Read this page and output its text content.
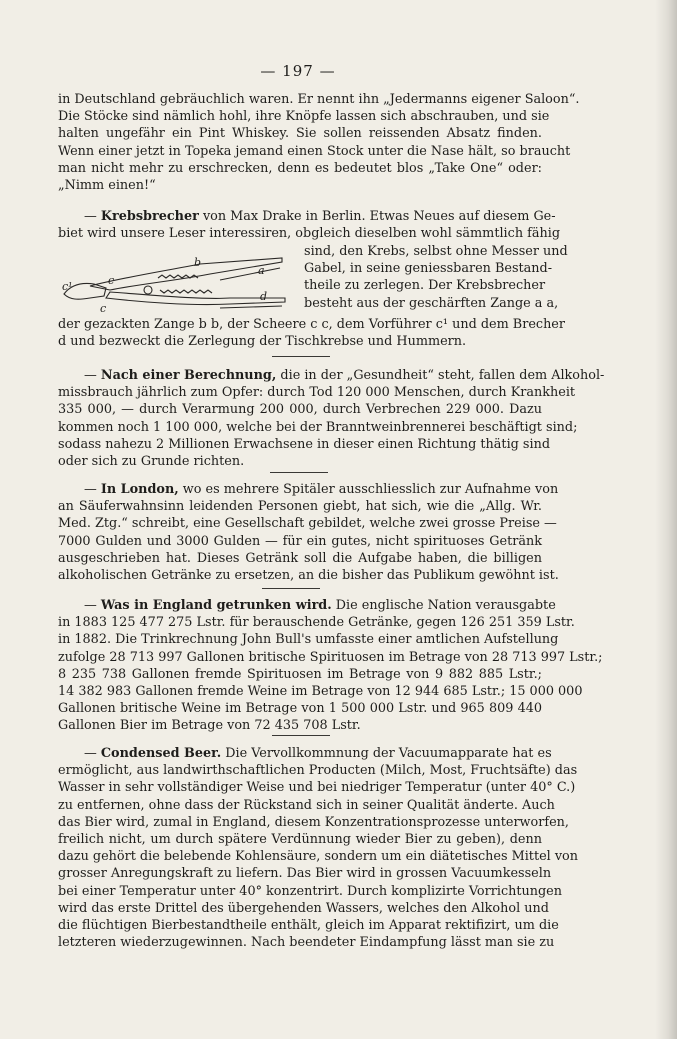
— 197 —
in Deutschland gebräuchlich waren. Er nennt ihn „Jedermanns eigener Saloon“.
Die Stöcke sind nämlich hohl, ihre Knöpfe lassen sich abschrauben, und sie
halten ungefähr ein Pint Whiskey. Sie sollen reissenden Absatz finden.
Wenn einer jetzt in Topeka jemand einen Stock unter die Nase hält, so braucht
man nicht mehr zu erschrecken, denn es bedeutet blos „Take One“ oder:
„Nimm einen!“
— Krebsbrecher von Max Drake in Berlin. Etwas Neues auf diesem Ge-
biet wird unsere Leser interessiren, obgleich dieselben wohl sämmtlich fähig
sind, den Krebs, selbst ohne Messer und
Gabel, in seine geniessbaren Bestand-
theile zu zerlegen. Der Krebsbrecher
besteht aus der geschärften Zange a a,
b
a
c¹	c
d
c
der gezackten Zange b b, der Scheere c c, dem Vorführer c¹ und dem Brecher
d und bezweckt die Zerlegung der Tischkrebse und Hummern.
— Nach einer Berechnung, die in der „Gesundheit“ steht, fallen dem Alkohol-
missbrauch jährlich zum Opfer: durch Tod 120 000 Menschen, durch Krankheit
335 000, — durch Verarmung 200 000, durch Verbrechen 229 000. Dazu
kommen noch 1 100 000, welche bei der Branntweinbrennerei beschäftigt sind;
sodass nahezu 2 Millionen Erwachsene in dieser einen Richtung thätig sind
oder sich zu Grunde richten.
— In London, wo es mehrere Spitäler ausschliesslich zur Aufnahme von
an Säuferwahnsinn leidenden Personen giebt, hat sich, wie die „Allg. Wr.
Med. Ztg.“ schreibt, eine Gesellschaft gebildet, welche zwei grosse Preise —
7000 Gulden und 3000 Gulden — für ein gutes, nicht spirituoses Getränk
ausgeschrieben hat. Dieses Getränk soll die Aufgabe haben, die billigen
alkoholischen Getränke zu ersetzen, an die bisher das Publikum gewöhnt ist.
— Was in England getrunken wird. Die englische Nation verausgabte
in 1883 125 477 275 Lstr. für berauschende Getränke, gegen 126 251 359 Lstr.
in 1882. Die Trinkrechnung John Bull's umfasste einer amtlichen Aufstellung
zufolge 28 713 997 Gallonen britische Spirituosen im Betrage von 28 713 997 Lstr.;
8 235 738 Gallonen fremde Spirituosen im Betrage von 9 882 885 Lstr.;
14 382 983 Gallonen fremde Weine im Betrage von 12 944 685 Lstr.; 15 000 000
Gallonen britische Weine im Betrage von 1 500 000 Lstr. und 965 809 440
Gallonen Bier im Betrage von 72 435 708 Lstr.
— Condensed Beer. Die Vervollkommnung der Vacuumapparate hat es
ermöglicht, aus landwirthschaftlichen Producten (Milch, Most, Fruchtsäfte) das
Wasser in sehr vollständiger Weise und bei niedriger Temperatur (unter 40° C.)
zu entfernen, ohne dass der Rückstand sich in seiner Qualität änderte. Auch
das Bier wird, zumal in England, diesem Konzentrationsprozesse unterworfen,
freilich nicht, um durch spätere Verdünnung wieder Bier zu geben), denn
dazu gehört die belebende Kohlensäure, sondern um ein diätetisches Mittel von
grosser Anregungskraft zu liefern. Das Bier wird in grossen Vacuumkesseln
bei einer Temperatur unter 40° konzentrirt. Durch komplizirte Vorrichtungen
wird das erste Drittel des übergehenden Wassers, welches den Alkohol und
die flüchtigen Bierbestandtheile enthält, gleich im Apparat rektifizirt, um die
letzteren wiederzugewinnen. Nach beendeter Eindampfung lässt man sie zu
